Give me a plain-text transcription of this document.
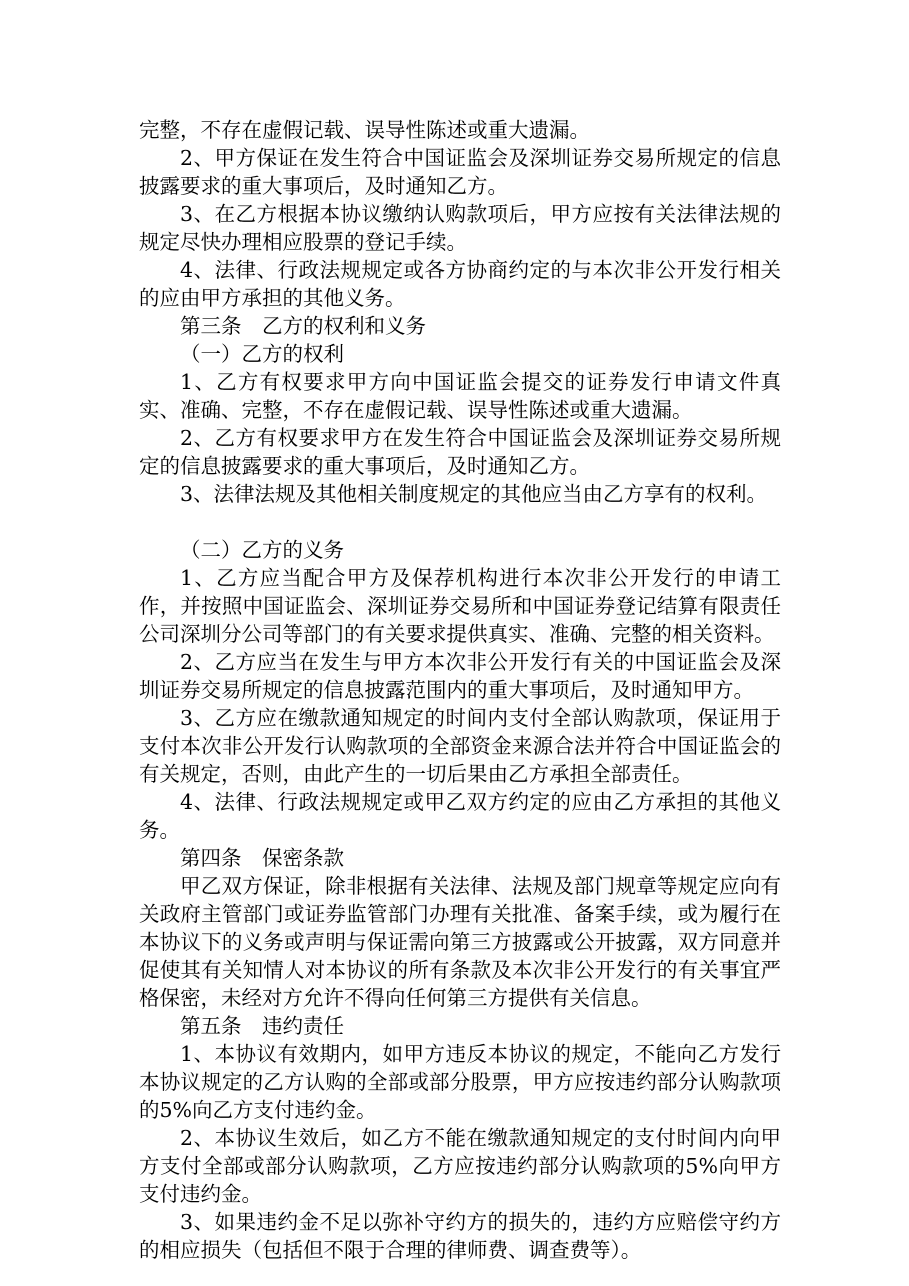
完整，不存在虚假记载、误导性陈述或重大遗漏。

2、甲方保证在发生符合中国证监会及深圳证券交易所规定的信息披露要求的重大事项后，及时通知乙方。

3、在乙方根据本协议缴纳认购款项后，甲方应按有关法律法规的规定尽快办理相应股票的登记手续。

4、法律、行政法规规定或各方协商约定的与本次非公开发行相关的应由甲方承担的其他义务。

第三条　乙方的权利和义务

（一）乙方的权利

1、乙方有权要求甲方向中国证监会提交的证券发行申请文件真实、准确、完整，不存在虚假记载、误导性陈述或重大遗漏。

2、乙方有权要求甲方在发生符合中国证监会及深圳证券交易所规定的信息披露要求的重大事项后，及时通知乙方。

3、法律法规及其他相关制度规定的其他应当由乙方享有的权利。

（二）乙方的义务

1、乙方应当配合甲方及保荐机构进行本次非公开发行的申请工作，并按照中国证监会、深圳证券交易所和中国证券登记结算有限责任公司深圳分公司等部门的有关要求提供真实、准确、完整的相关资料。

2、乙方应当在发生与甲方本次非公开发行有关的中国证监会及深圳证券交易所规定的信息披露范围内的重大事项后，及时通知甲方。

3、乙方应在缴款通知规定的时间内支付全部认购款项，保证用于支付本次非公开发行认购款项的全部资金来源合法并符合中国证监会的有关规定，否则，由此产生的一切后果由乙方承担全部责任。

4、法律、行政法规规定或甲乙双方约定的应由乙方承担的其他义务。

第四条　保密条款

甲乙双方保证，除非根据有关法律、法规及部门规章等规定应向有关政府主管部门或证券监管部门办理有关批准、备案手续，或为履行在本协议下的义务或声明与保证需向第三方披露或公开披露，双方同意并促使其有关知情人对本协议的所有条款及本次非公开发行的有关事宜严格保密，未经对方允许不得向任何第三方提供有关信息。

第五条　违约责任

1、本协议有效期内，如甲方违反本协议的规定，不能向乙方发行本协议规定的乙方认购的全部或部分股票，甲方应按违约部分认购款项的5%向乙方支付违约金。

2、本协议生效后，如乙方不能在缴款通知规定的支付时间内向甲方支付全部或部分认购款项，乙方应按违约部分认购款项的5%向甲方支付违约金。

3、如果违约金不足以弥补守约方的损失的，违约方应赔偿守约方的相应损失（包括但不限于合理的律师费、调查费等）。
